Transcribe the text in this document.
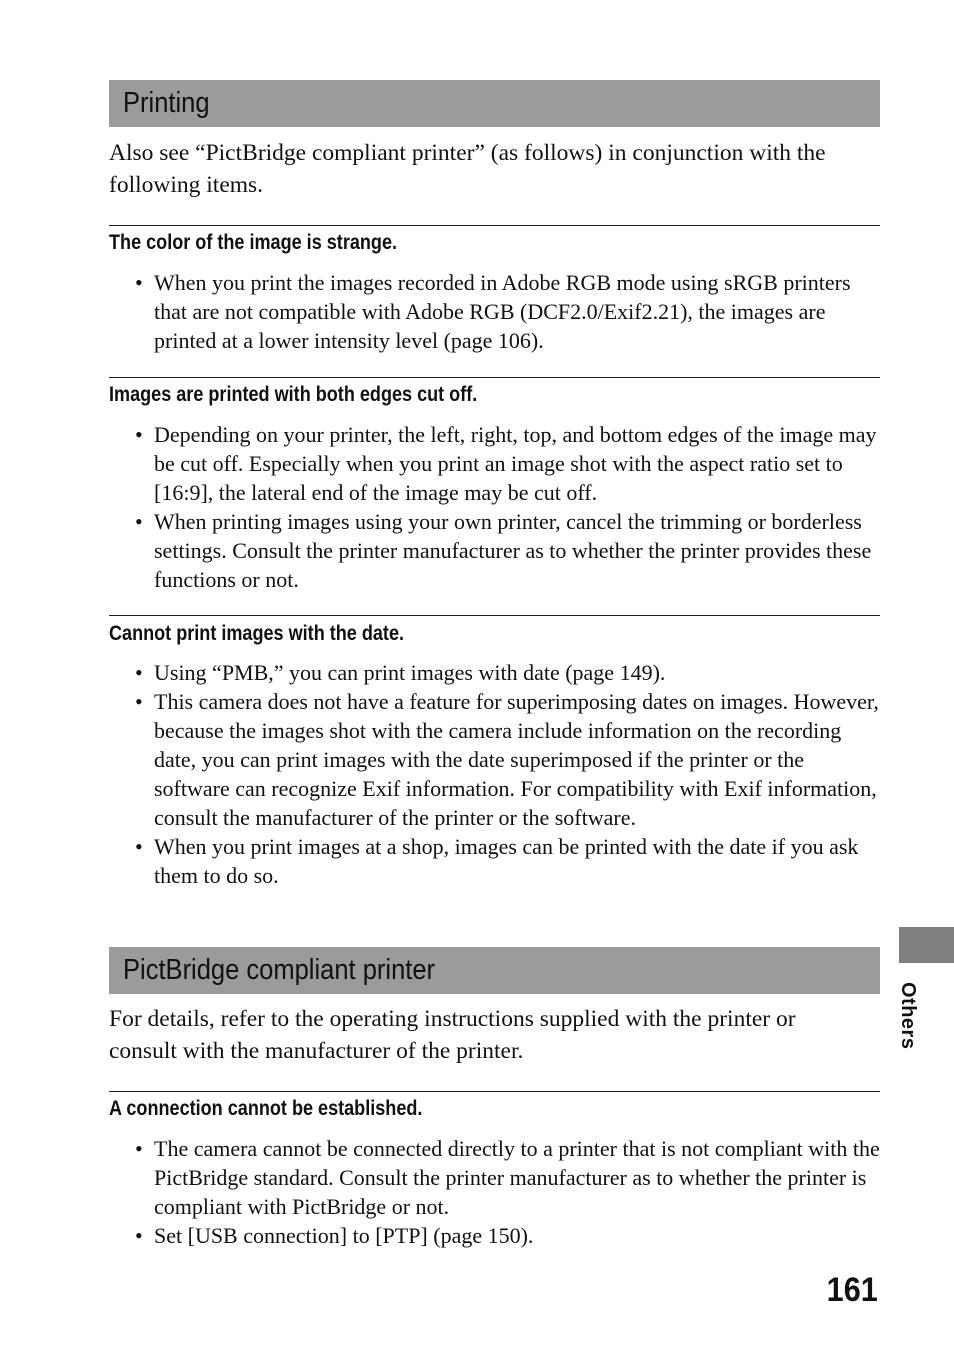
Printing
Also see “PictBridge compliant printer” (as follows) in conjunction with the following items.
The color of the image is strange.
• When you print the images recorded in Adobe RGB mode using sRGB printers that are not compatible with Adobe RGB (DCF2.0/Exif2.21), the images are printed at a lower intensity level (page 106).
Images are printed with both edges cut off.
• Depending on your printer, the left, right, top, and bottom edges of the image may be cut off. Especially when you print an image shot with the aspect ratio set to [16:9], the lateral end of the image may be cut off.
• When printing images using your own printer, cancel the trimming or borderless settings. Consult the printer manufacturer as to whether the printer provides these functions or not.
Cannot print images with the date.
• Using “PMB,” you can print images with date (page 149).
• This camera does not have a feature for superimposing dates on images. However, because the images shot with the camera include information on the recording date, you can print images with the date superimposed if the printer or the software can recognize Exif information. For compatibility with Exif information, consult the manufacturer of the printer or the software.
• When you print images at a shop, images can be printed with the date if you ask them to do so.
PictBridge compliant printer
For details, refer to the operating instructions supplied with the printer or consult with the manufacturer of the printer.
A connection cannot be established.
• The camera cannot be connected directly to a printer that is not compliant with the PictBridge standard. Consult the printer manufacturer as to whether the printer is compliant with PictBridge or not.
• Set [USB connection] to [PTP] (page 150).
Others
161
